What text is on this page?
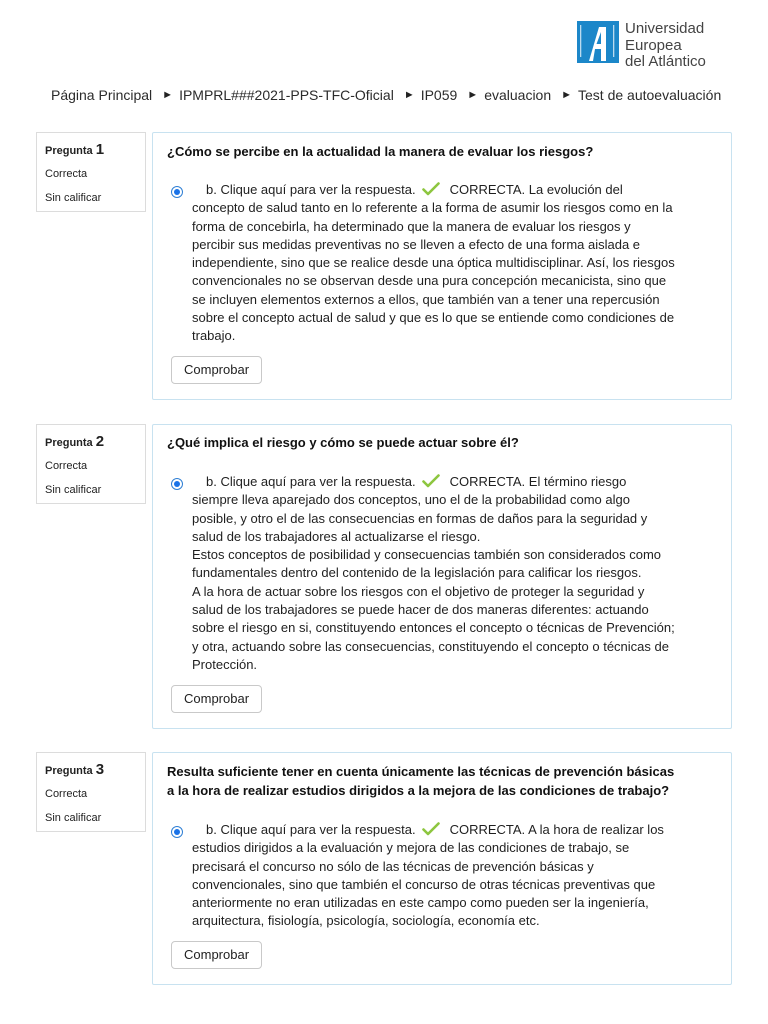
Universidad
Europea
del Atlántico
Página Principal ► IPMPRL###2021-PPS-TFC-Oficial ► IP059 ► evaluacion ► Test de autoevaluación
Pregunta 1
Correcta
Sin calificar
¿Cómo se percibe en la actualidad la manera de evaluar los riesgos?
b. Clique aquí para ver la respuesta.	CORRECTA. La evolución del
concepto de salud tanto en lo referente a la forma de asumir los riesgos como en la
forma de concebirla, ha determinado que la manera de evaluar los riesgos y
percibir sus medidas preventivas no se lleven a efecto de una forma aislada e
independiente, sino que se realice desde una óptica multidisciplinar. Así, los riesgos
convencionales no se observan desde una pura concepción mecanicista, sino que
se incluyen elementos externos a ellos, que también van a tener una repercusión
sobre el concepto actual de salud y que es lo que se entiende como condiciones de
trabajo.
Comprobar
Pregunta 2
Correcta
Sin calificar
¿Qué implica el riesgo y cómo se puede actuar sobre él?
b. Clique aquí para ver la respuesta.	CORRECTA. El término riesgo
siempre lleva aparejado dos conceptos, uno el de la probabilidad como algo
posible, y otro el de las consecuencias en formas de daños para la seguridad y
salud de los trabajadores al actualizarse el riesgo.
Estos conceptos de posibilidad y consecuencias también son considerados como
fundamentales dentro del contenido de la legislación para calificar los riesgos.
A la hora de actuar sobre los riesgos con el objetivo de proteger la seguridad y
salud de los trabajadores se puede hacer de dos maneras diferentes: actuando
sobre el riesgo en si, constituyendo entonces el concepto o técnicas de Prevención;
y otra, actuando sobre las consecuencias, constituyendo el concepto o técnicas de
Protección.
Comprobar
Pregunta 3
Correcta
Sin calificar
Resulta suficiente tener en cuenta únicamente las técnicas de prevención básicas
a la hora de realizar estudios dirigidos a la mejora de las condiciones de trabajo?
b. Clique aquí para ver la respuesta.	CORRECTA. A la hora de realizar los
estudios dirigidos a la evaluación y mejora de las condiciones de trabajo, se
precisará el concurso no sólo de las técnicas de prevención básicas y
convencionales, sino que también el concurso de otras técnicas preventivas que
anteriormente no eran utilizadas en este campo como pueden ser la ingeniería,
arquitectura, fisiología, psicología, sociología, economía etc.
Comprobar
